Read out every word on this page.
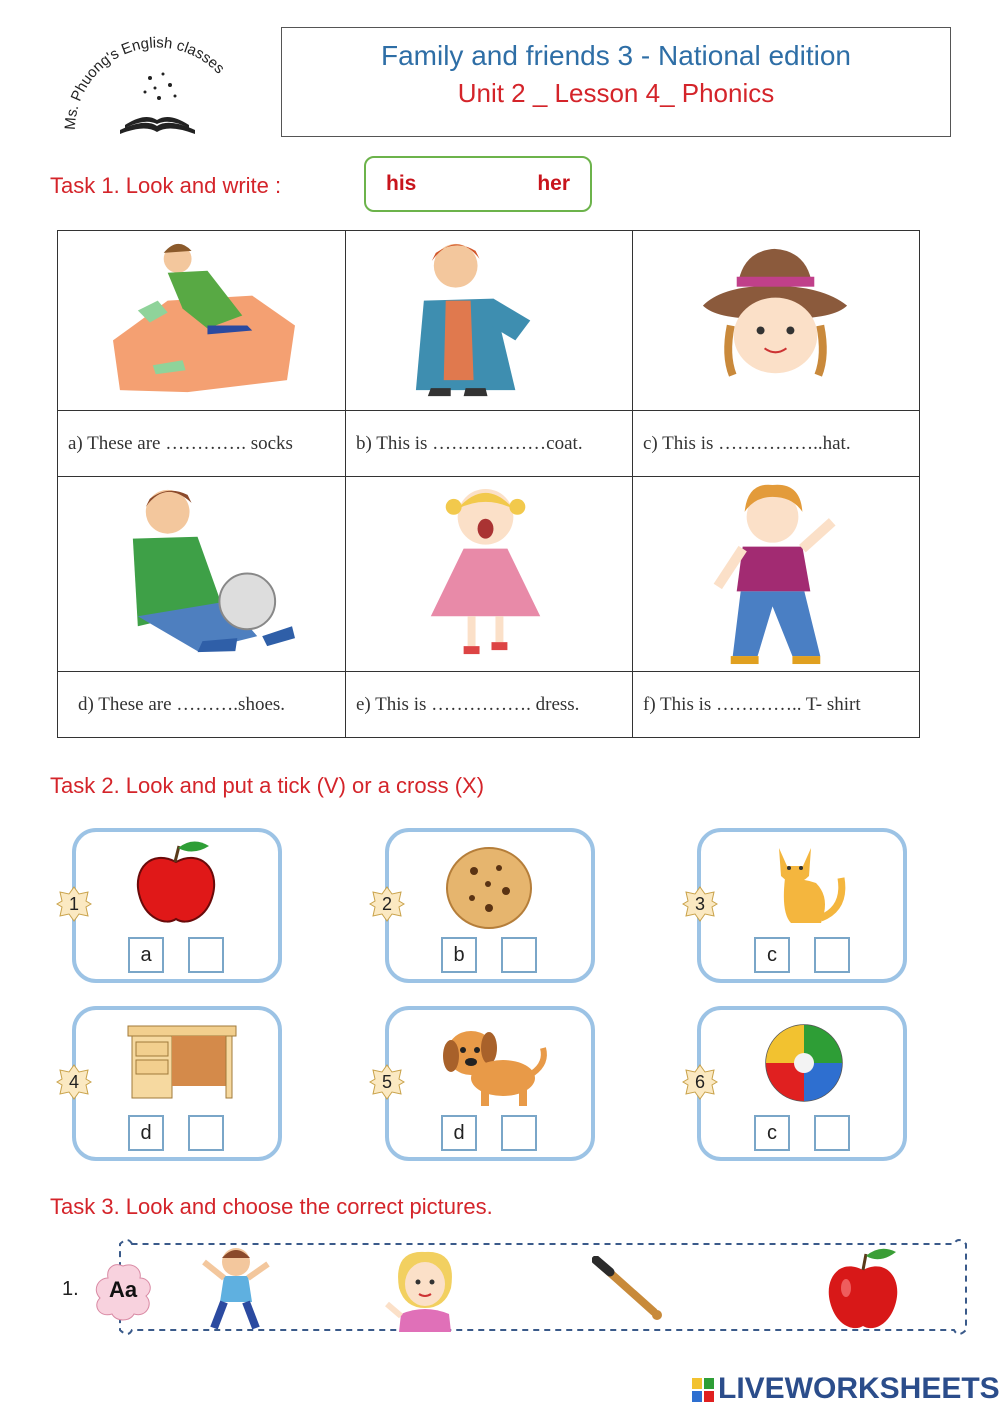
Ms. Phuong's English classes	Family and friends 3 - National edition
Unit 2 _ Lesson 4_ Phonics
Task 1. Look and write :	his	her
a) These are …………. socks	b) This is ………………coat.	c) This is ……………..hat.
d) These are ……….shoes.	e) This is ……………. dress.	f) This is ………….. T- shirt
Task 2. Look and put a tick (V) or a cross (X)
1	2	3
4	5	6
a	b	c
d	d	c
Task 3. Look and choose the correct pictures.
1.	Aa
LIVEWORKSHEETS
